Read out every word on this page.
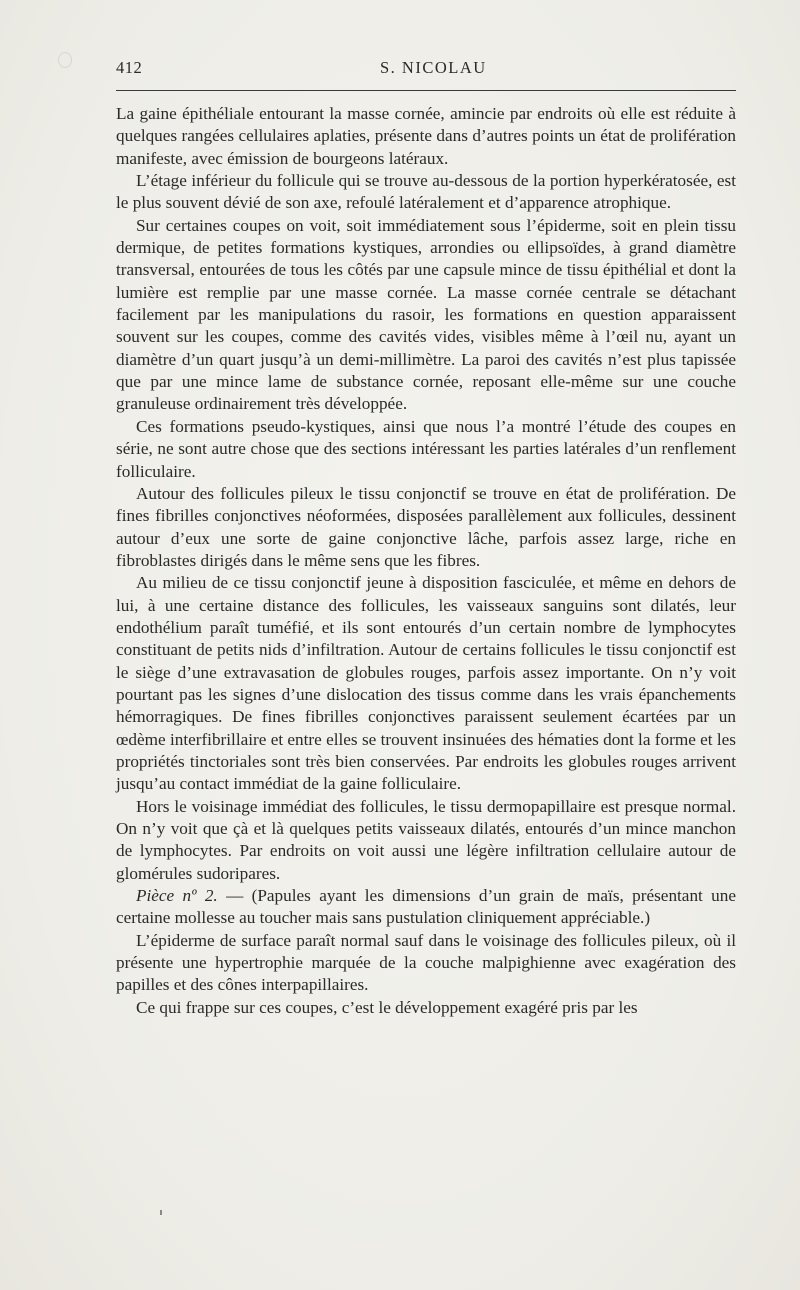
412	S. NICOLAU

La gaine épithéliale entourant la masse cornée, amincie par endroits où elle est réduite à quelques rangées cellulaires aplaties, présente dans d’autres points un état de prolifération manifeste, avec émission de bourgeons latéraux.

L’étage inférieur du follicule qui se trouve au-dessous de la portion hyperkératosée, est le plus souvent dévié de son axe, refoulé latéralement et d’apparence atrophique.

Sur certaines coupes on voit, soit immédiatement sous l’épiderme, soit en plein tissu dermique, de petites formations kystiques, arrondies ou ellipsoïdes, à grand diamètre transversal, entourées de tous les côtés par une capsule mince de tissu épithélial et dont la lumière est remplie par une masse cornée. La masse cornée centrale se détachant facilement par les manipulations du rasoir, les formations en question apparaissent souvent sur les coupes, comme des cavités vides, visibles même à l’œil nu, ayant un diamètre d’un quart jusqu’à un demi-millimètre. La paroi des cavités n’est plus tapissée que par une mince lame de substance cornée, reposant elle-même sur une couche granuleuse ordinairement très développée.

Ces formations pseudo-kystiques, ainsi que nous l’a montré l’étude des coupes en série, ne sont autre chose que des sections intéressant les parties latérales d’un renflement folliculaire.

Autour des follicules pileux le tissu conjonctif se trouve en état de prolifération. De fines fibrilles conjonctives néoformées, disposées parallèlement aux follicules, dessinent autour d’eux une sorte de gaine conjonctive lâche, parfois assez large, riche en fibroblastes dirigés dans le même sens que les fibres.

Au milieu de ce tissu conjonctif jeune à disposition fasciculée, et même en dehors de lui, à une certaine distance des follicules, les vaisseaux sanguins sont dilatés, leur endothélium paraît tuméfié, et ils sont entourés d’un certain nombre de lymphocytes constituant de petits nids d’infiltration. Autour de certains follicules le tissu conjonctif est le siège d’une extravasation de globules rouges, parfois assez importante. On n’y voit pourtant pas les signes d’une dislocation des tissus comme dans les vrais épanchements hémorragiques. De fines fibrilles conjonctives paraissent seulement écartées par un œdème interfibrillaire et entre elles se trouvent insinuées des hématies dont la forme et les propriétés tinctoriales sont très bien conservées. Par endroits les globules rouges arrivent jusqu’au contact immédiat de la gaine folliculaire.

Hors le voisinage immédiat des follicules, le tissu dermopapillaire est presque normal. On n’y voit que çà et là quelques petits vaisseaux dilatés, entourés d’un mince manchon de lymphocytes. Par endroits on voit aussi une légère infiltration cellulaire autour de glomérules sudoripares.

Pièce nº 2. — (Papules ayant les dimensions d’un grain de maïs, présentant une certaine mollesse au toucher mais sans pustulation cliniquement appréciable.)

L’épiderme de surface paraît normal sauf dans le voisinage des follicules pileux, où il présente une hypertrophie marquée de la couche malpighienne avec exagération des papilles et des cônes interpapillaires.

Ce qui frappe sur ces coupes, c’est le développement exagéré pris par les
